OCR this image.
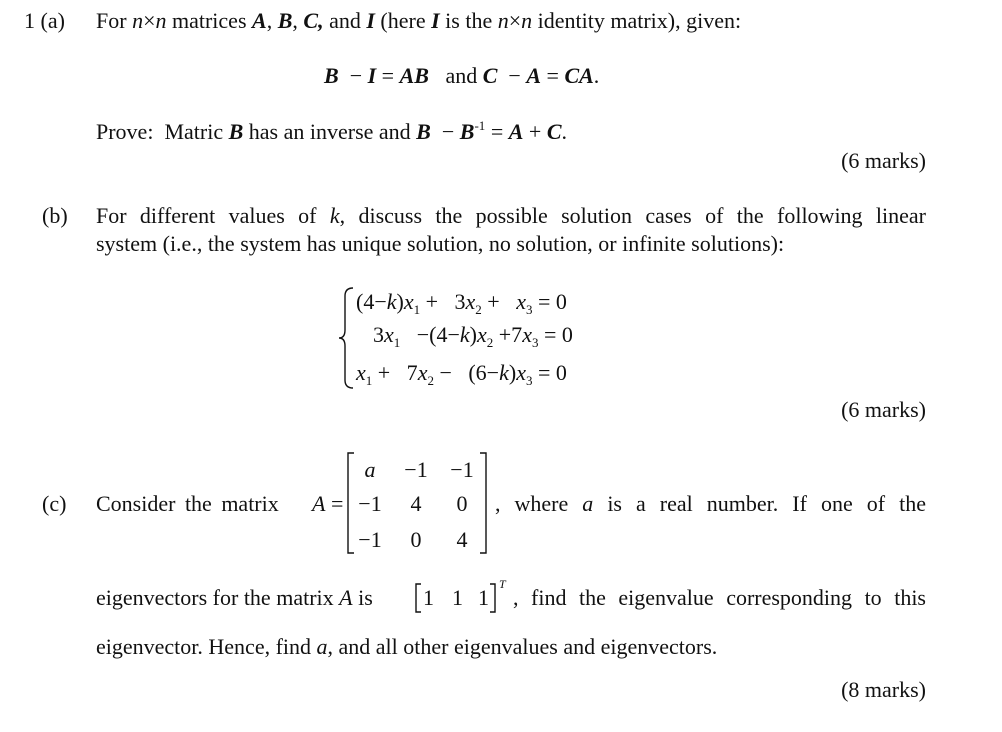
1 (a) For n×n matrices A, B, C, and I (here I is the n×n identity matrix), given:
B  − I = AB   and C  − A = CA.
Prove:  Matric B has an inverse and $B - B^{-1} = A + C$.
(6 marks)
(b) For different values of k, discuss the possible solution cases of the following linear
system (i.e., the system has unique solution, no solution, or infinite solutions):
$(4-k)x_1 + 3x_2 + x_3 = 0$
$3x_1 -(4-k)x_2 +7x_3 = 0$
$x_1 + 7x_2 - (6-k)x_3 = 0$
(6 marks)
(c) Consider the matrix A =
a	−1	−1
−1	4	0
−1	0	4
, where a is a real number. If one of the
eigenvectors for the matrix A is 1 1 1
T
, find the eigenvalue corresponding to this
eigenvector. Hence, find a, and all other eigenvalues and eigenvectors.
(8 marks)
